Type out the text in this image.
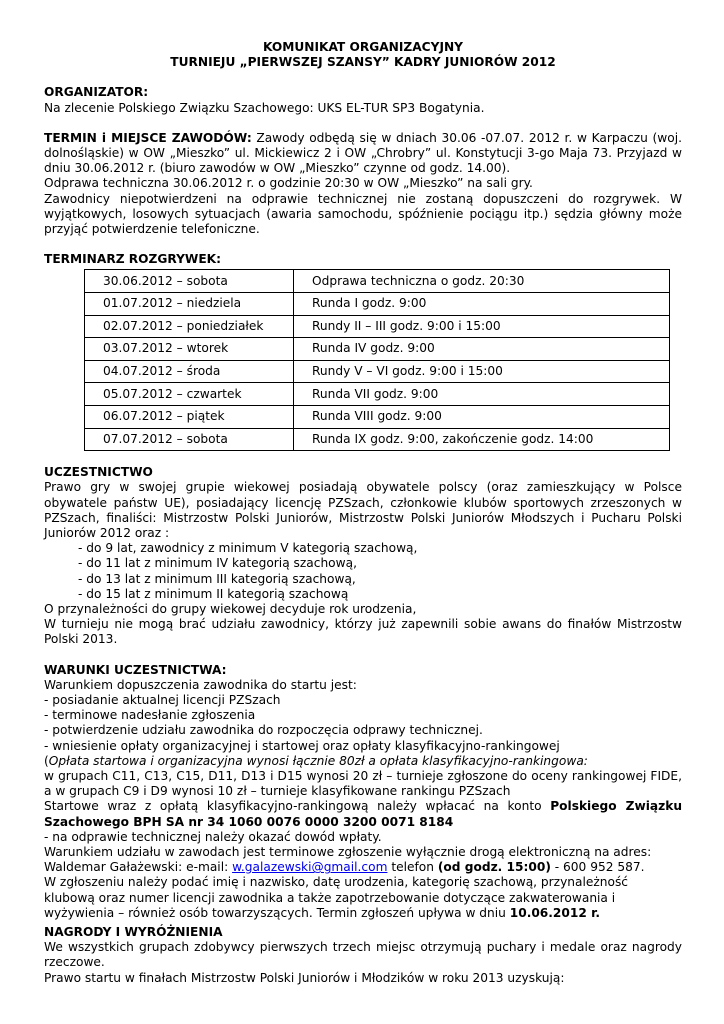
KOMUNIKAT ORGANIZACYJNY

TURNIEJU „PIERWSZEJ SZANSY” KADRY JUNIORÓW 2012

ORGANIZATOR:

Na zlecenie Polskiego Związku Szachowego: UKS EL-TUR SP3 Bogatynia.

TERMIN i MIEJSCE ZAWODÓW: Zawody odbędą się w dniach 30.06 -07.07. 2012 r. w Karpaczu (woj. dolnośląskie) w OW „Mieszko” ul. Mickiewicz 2 i OW „Chrobry” ul. Konstytucji 3-go Maja 73. Przyjazd w dniu 30.06.2012 r. (biuro zawodów w OW „Mieszko” czynne od godz. 14.00).

Odprawa techniczna 30.06.2012 r. o godzinie 20:30 w OW „Mieszko” na sali gry.

Zawodnicy niepotwierdzeni na odprawie technicznej nie zostaną dopuszczeni do rozgrywek. W wyjątkowych, losowych sytuacjach (awaria samochodu, spóźnienie pociągu itp.) sędzia główny może przyjąć potwierdzenie telefoniczne.

TERMINARZ ROZGRYWEK:

30.06.2012 – sobota	Odprawa techniczna o godz. 20:30
01.07.2012 – niedziela	Runda I godz. 9:00
02.07.2012 – poniedziałek	Rundy II – III godz. 9:00 i 15:00
03.07.2012 – wtorek	Runda IV godz. 9:00
04.07.2012 – środa	Rundy V – VI godz. 9:00 i 15:00
05.07.2012 – czwartek	Runda VII godz. 9:00
06.07.2012 – piątek	Runda VIII godz. 9:00
07.07.2012 – sobota	Runda IX godz. 9:00, zakończenie godz. 14:00

UCZESTNICTWO

Prawo gry w swojej grupie wiekowej posiadają obywatele polscy (oraz zamieszkujący w Polsce obywatele państw UE), posiadający licencję PZSzach, członkowie klubów sportowych zrzeszonych w PZSzach, finaliści: Mistrzostw Polski Juniorów, Mistrzostw Polski Juniorów Młodszych i Pucharu Polski Juniorów 2012 oraz :

- do 9 lat, zawodnicy z minimum V kategorią szachową,

- do 11 lat z minimum IV kategorią szachową,

- do 13 lat z minimum III kategorią szachową,

- do 15 lat z minimum II kategorią szachową

O przynależności do grupy wiekowej decyduje rok urodzenia,

W turnieju nie mogą brać udziału zawodnicy, którzy już zapewnili sobie awans do finałów Mistrzostw Polski 2013.

WARUNKI UCZESTNICTWA:

Warunkiem dopuszczenia zawodnika do startu jest:

- posiadanie aktualnej licencji PZSzach

- terminowe nadesłanie zgłoszenia

- potwierdzenie udziału zawodnika do rozpoczęcia odprawy technicznej.

- wniesienie opłaty organizacyjnej i startowej oraz opłaty klasyfikacyjno-rankingowej

(Opłata startowa i organizacyjna wynosi łącznie 80zł a opłata klasyfikacyjno-rankingowa:

w grupach C11, C13, C15, D11, D13 i D15 wynosi 20 zł – turnieje zgłoszone do oceny rankingowej FIDE, a w grupach C9 i D9 wynosi 10 zł – turnieje klasyfikowane rankingu PZSzach

Startowe wraz z opłatą klasyfikacyjno-rankingową należy wpłacać na konto Polskiego Związku Szachowego BPH SA nr 34 1060 0076 0000 3200 0071 8184

- na odprawie technicznej należy okazać dowód wpłaty.

Warunkiem udziału w zawodach jest terminowe zgłoszenie wyłącznie drogą elektroniczną na adres:

Waldemar Gałażewski: e-mail: w.galazewski@gmail.com telefon (od godz. 15:00) - 600 952 587.

W zgłoszeniu należy podać imię i nazwisko, datę urodzenia, kategorię szachową, przynależność klubową oraz numer licencji zawodnika a także zapotrzebowanie dotyczące zakwaterowania i wyżywienia – również osób towarzyszących. Termin zgłoszeń upływa w dniu 10.06.2012 r.

NAGRODY I WYRÓŻNIENIA

We wszystkich grupach zdobywcy pierwszych trzech miejsc otrzymują puchary i medale oraz nagrody rzeczowe.

Prawo startu w finałach Mistrzostw Polski Juniorów i Młodzików w roku 2013 uzyskują:
